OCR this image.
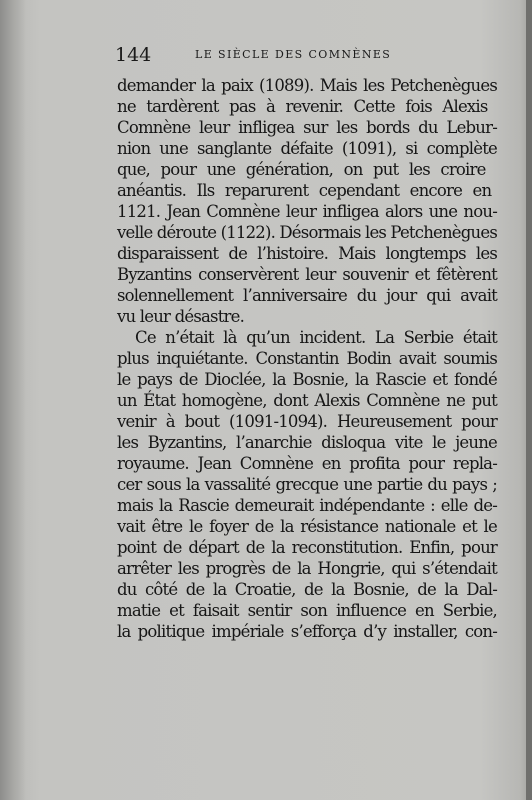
144	LE SIÈCLE DES COMNÈNES
demander la paix (1089). Mais les Petchenègues
ne tardèrent pas à revenir. Cette fois Alexis
Comnène leur infligea sur les bords du Lebur-
nion une sanglante défaite (1091), si complète
que, pour une génération, on put les croire
anéantis. Ils reparurent cependant encore en
1121. Jean Comnène leur infligea alors une nou-
velle déroute (1122). Désormais les Petchenègues
disparaissent de l’histoire. Mais longtemps les
Byzantins conservèrent leur souvenir et fêtèrent
solennellement l’anniversaire du jour qui avait
vu leur désastre.
Ce n’était là qu’un incident. La Serbie était
plus inquiétante. Constantin Bodin avait soumis
le pays de Dioclée, la Bosnie, la Rascie et fondé
un État homogène, dont Alexis Comnène ne put
venir à bout (1091-1094). Heureusement pour
les Byzantins, l’anarchie disloqua vite le jeune
royaume. Jean Comnène en profita pour repla-
cer sous la vassalité grecque une partie du pays ;
mais la Rascie demeurait indépendante : elle de-
vait être le foyer de la résistance nationale et le
point de départ de la reconstitution. Enfin, pour
arrêter les progrès de la Hongrie, qui s’étendait
du côté de la Croatie, de la Bosnie, de la Dal-
matie et faisait sentir son influence en Serbie,
la politique impériale s’efforça d’y installer, con-
